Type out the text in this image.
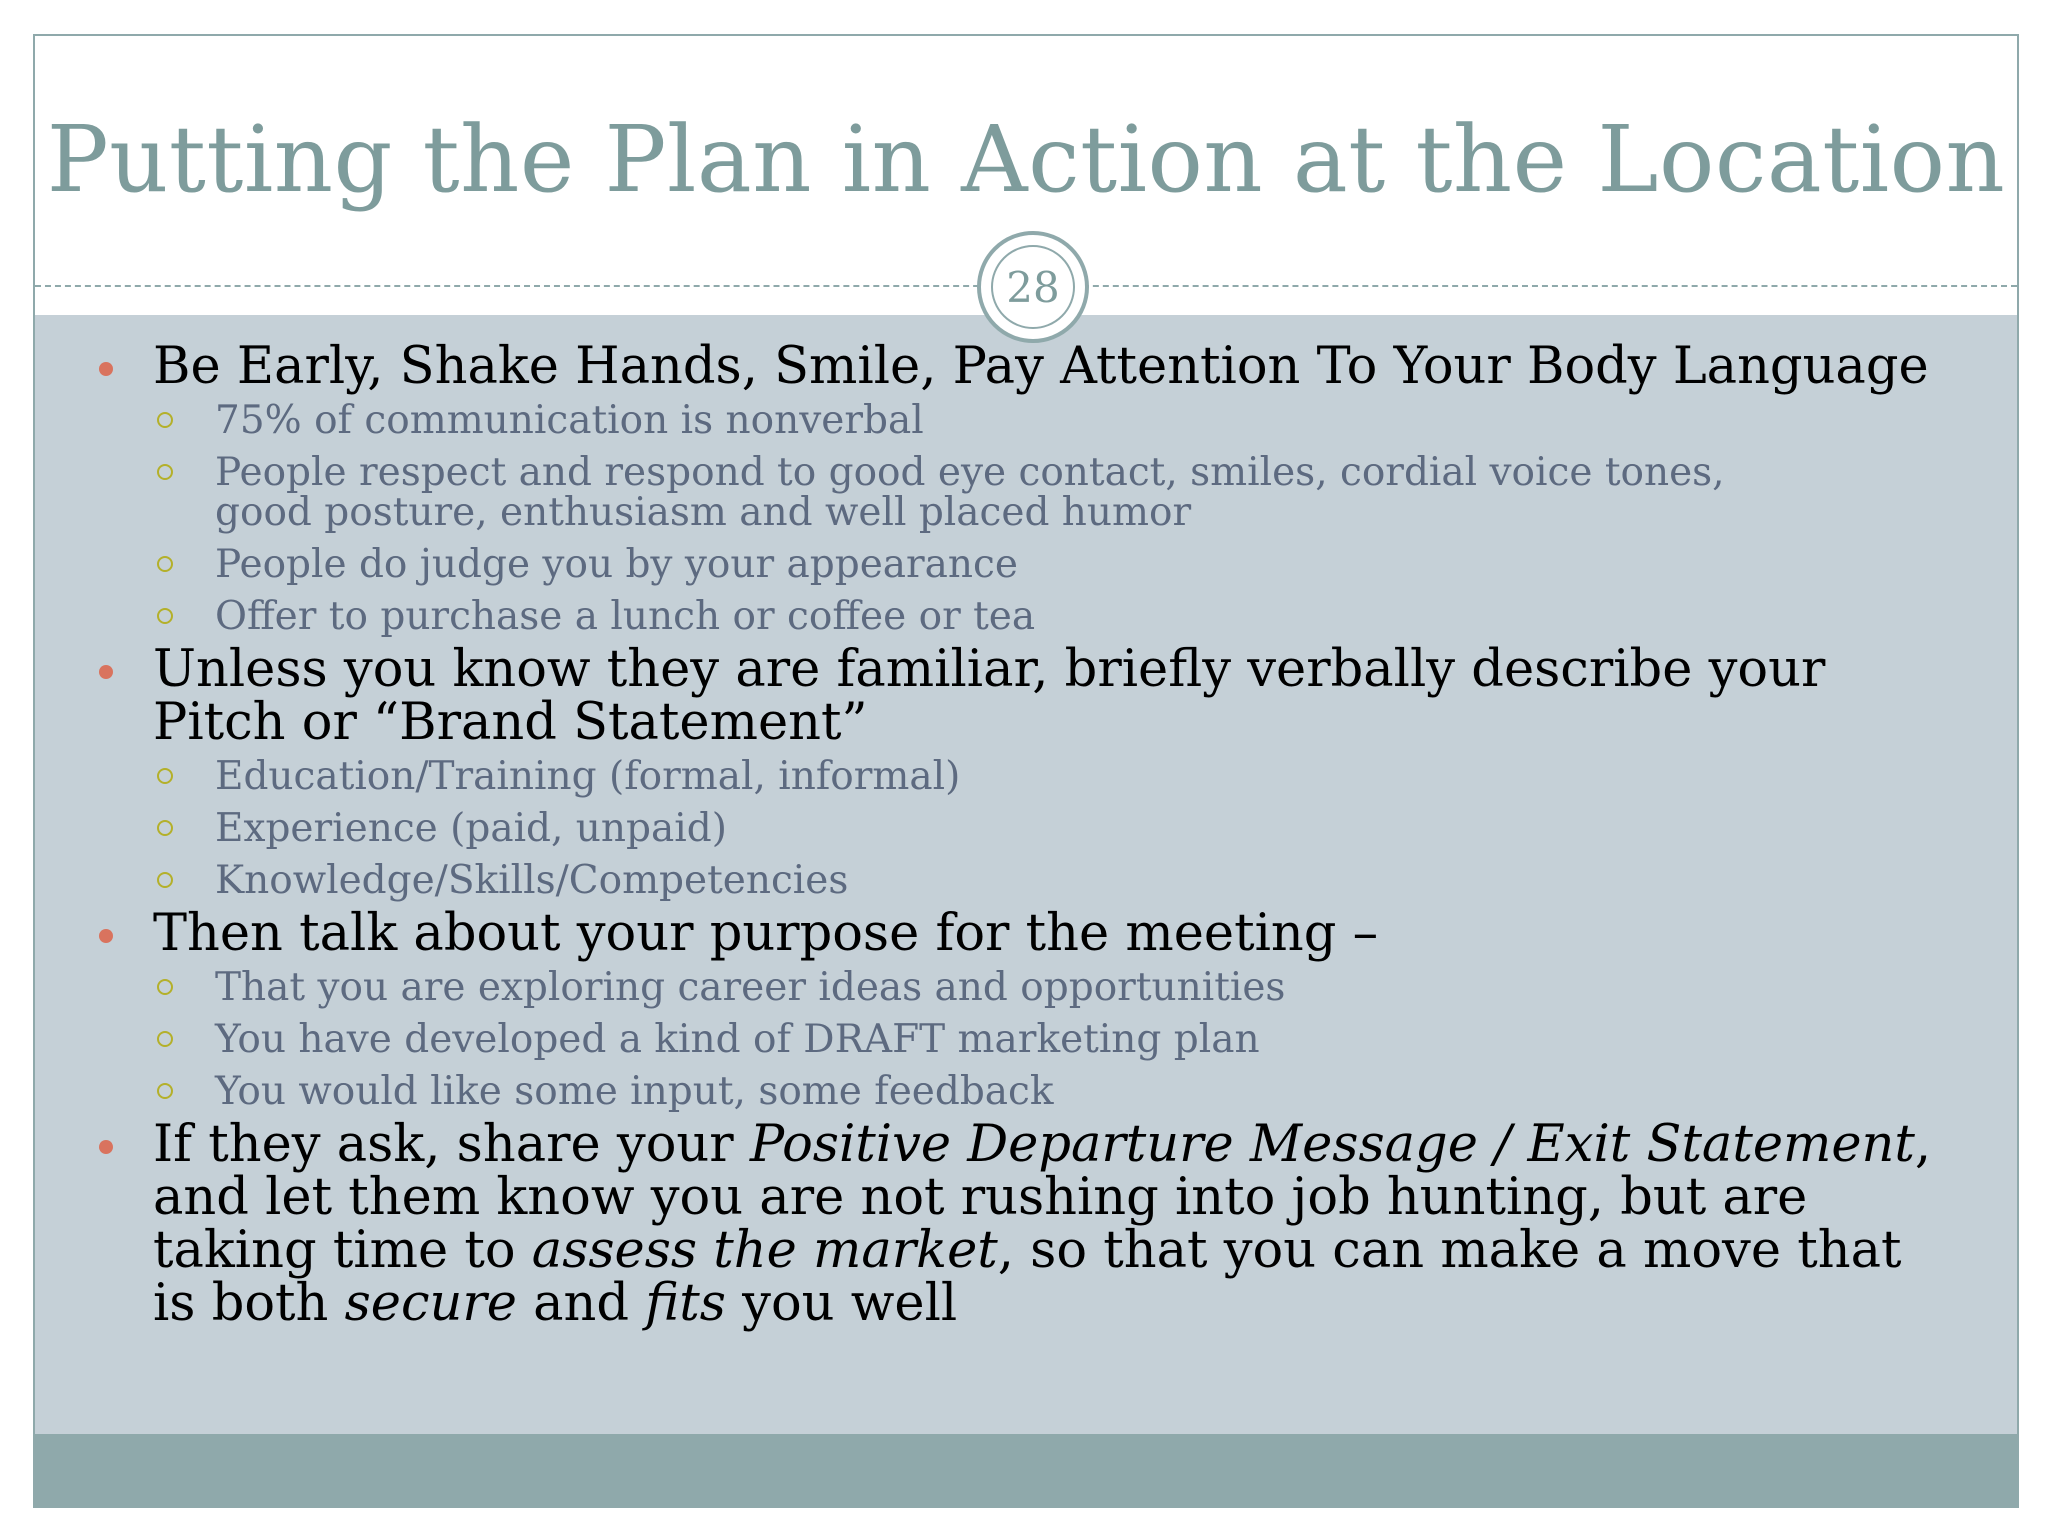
Putting the Plan in Action at the Location
28
Be Early, Shake Hands, Smile, Pay Attention To Your Body Language
75% of communication is nonverbal
People respect and respond to good eye contact, smiles, cordial voice tones, good posture, enthusiasm and well placed humor
People do judge you by your appearance
Offer to purchase a lunch or coffee or tea
Unless you know they are familiar, briefly verbally describe your Pitch or “Brand Statement”
Education/Training (formal, informal)
Experience (paid, unpaid)
Knowledge/Skills/Competencies
Then talk about your purpose for the meeting –
That you are exploring career ideas and opportunities
You have developed a kind of DRAFT marketing plan
You would like some input, some feedback
If they ask, share your Positive Departure Message / Exit Statement, and let them know you are not rushing into job hunting, but are taking time to assess the market, so that you can make a move that is both secure and fits you well
